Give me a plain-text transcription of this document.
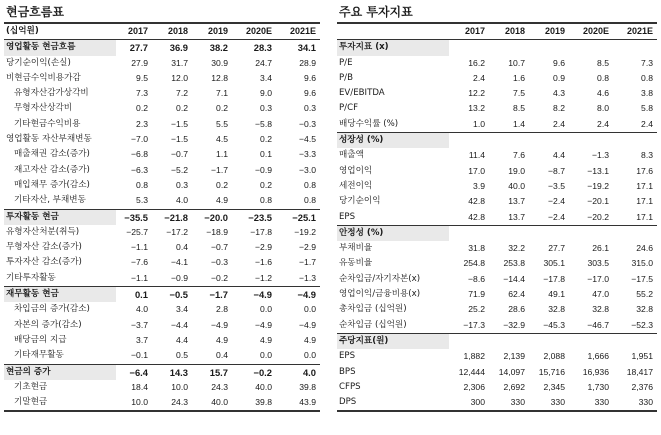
현금흐름표
(십억원)	2017	2018	2019	2020E	2021E
영업활동 현금흐름	27.7	36.9	38.2	28.3	34.1
당기순이익(손실)	27.9	31.7	30.9	24.7	28.9
비현금수익비용가감	9.5	12.0	12.8	3.4	9.6
유형자산감가상각비	7.3	7.2	7.1	9.0	9.6
무형자산상각비	0.2	0.2	0.2	0.3	0.3
기타현금수익비용	2.3	−1.5	5.5	−5.8	−0.3
영업활동 자산부채변동	−7.0	−1.5	4.5	0.2	−4.5
매출채권 감소(증가)	−6.8	−0.7	1.1	0.1	−3.3
재고자산 감소(증가)	−6.3	−5.2	−1.7	−0.9	−3.0
매입채무 증가(감소)	0.8	0.3	0.2	0.2	0.8
기타자산, 부채변동	5.3	4.0	4.9	0.8	0.8
투자활동 현금	−35.5	−21.8	−20.0	−23.5	−25.1
유형자산처분(취득)	−25.7	−17.2	−18.9	−17.8	−19.2
무형자산 감소(증가)	−1.1	0.4	−0.7	−2.9	−2.9
투자자산 감소(증가)	−7.6	−4.1	−0.3	−1.6	−1.7
기타투자활동	−1.1	−0.9	−0.2	−1.2	−1.3
재무활동 현금	0.1	−0.5	−1.7	−4.9	−4.9
차입금의 증가(감소)	4.0	3.4	2.8	0.0	0.0
자본의 증가(감소)	−3.7	−4.4	−4.9	−4.9	−4.9
배당금의 지급	3.7	4.4	4.9	4.9	4.9
기타재무활동	−0.1	0.5	0.4	0.0	0.0
현금의 증가	−6.4	14.3	15.7	−0.2	4.0
기초현금	18.4	10.0	24.3	40.0	39.8
기말현금	10.0	24.3	40.0	39.8	43.9
주요 투자지표
	2017	2018	2019	2020E	2021E
투자지표 (x)					
P/E	16.2	10.7	9.6	8.5	7.3
P/B	2.4	1.6	0.9	0.8	0.8
EV/EBITDA	12.2	7.5	4.3	4.6	3.8
P/CF	13.2	8.5	8.2	8.0	5.8
배당수익률 (%)	1.0	1.4	2.4	2.4	2.4
성장성 (%)					
매출액	11.4	7.6	4.4	−1.3	8.3
영업이익	17.0	19.0	−8.7	−13.1	17.6
세전이익	3.9	40.0	−3.5	−19.2	17.1
당기순이익	42.8	13.7	−2.4	−20.1	17.1
EPS	42.8	13.7	−2.4	−20.2	17.1
안정성 (%)					
부채비율	31.8	32.2	27.7	26.1	24.6
유동비율	254.8	253.8	305.1	303.5	315.0
순차입금/자기자본(x)	−8.6	−14.4	−17.8	−17.0	−17.5
영업이익/금융비용(x)	71.9	62.4	49.1	47.0	55.2
총차입금 (십억원)	25.2	28.6	32.8	32.8	32.8
순차입금 (십억원)	−17.3	−32.9	−45.3	−46.7	−52.3
주당지표(원)					
EPS	1,882	2,139	2,088	1,666	1,951
BPS	12,444	14,097	15,716	16,936	18,417
CFPS	2,306	2,692	2,345	1,730	2,376
DPS	300	330	330	330	330
